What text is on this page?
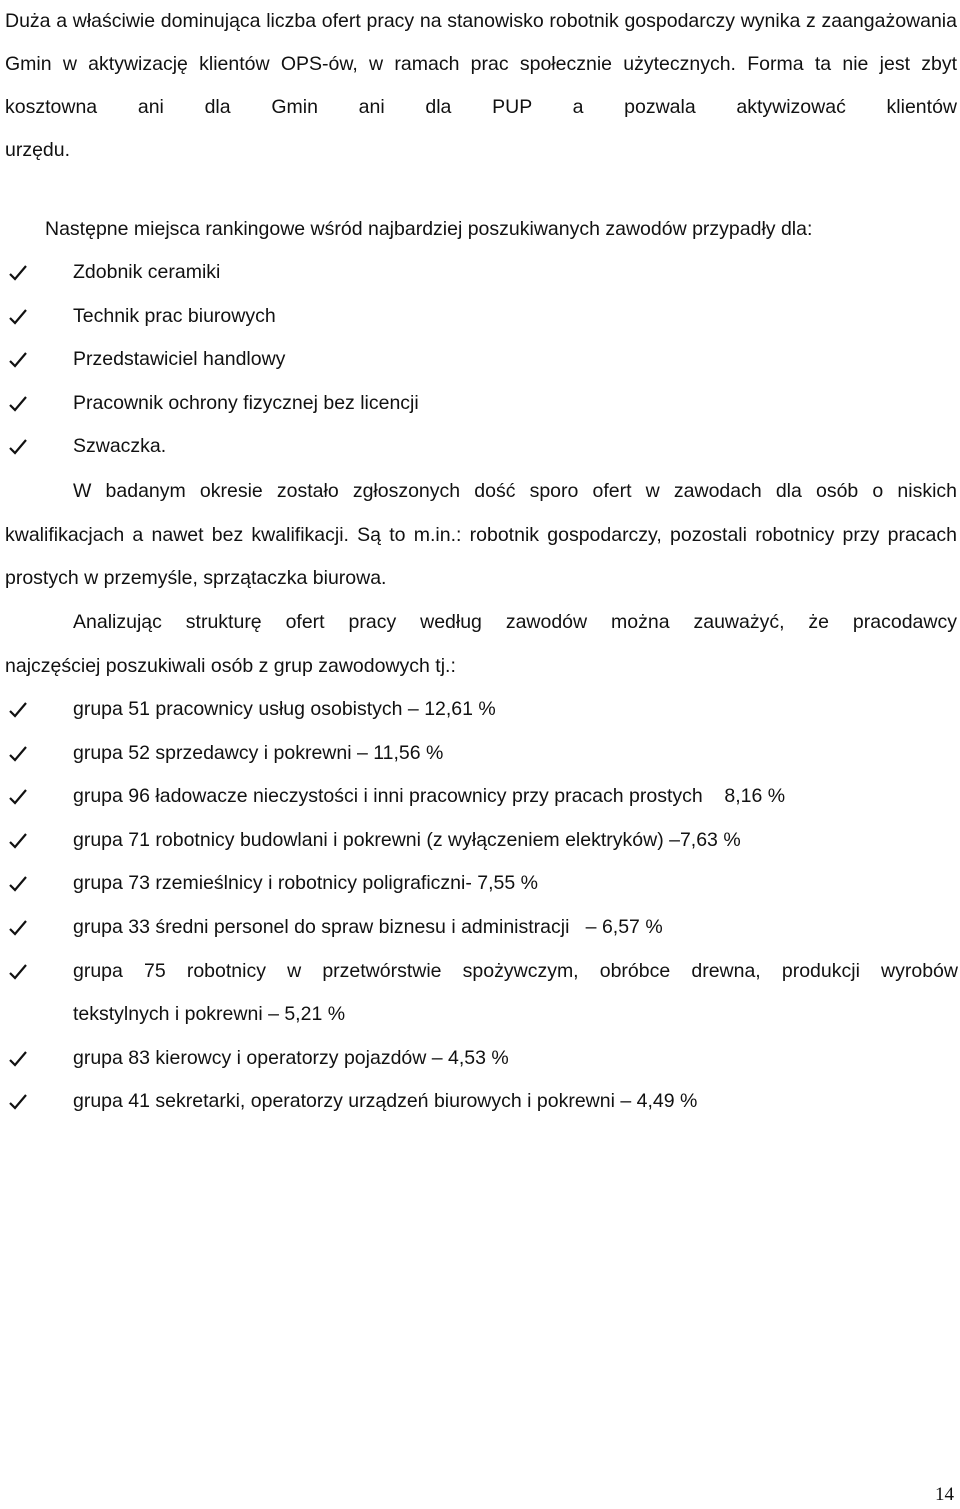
Duża a właściwie dominująca liczba ofert pracy na stanowisko robotnik gospodarczy wynika z zaangażowania Gmin w aktywizację klientów OPS-ów, w ramach prac społecznie użytecznych. Forma ta nie jest zbyt kosztowna ani dla Gmin ani dla PUP a pozwala aktywizować klientów
urzędu.

Następne miejsca rankingowe wśród najbardziej poszukiwanych zawodów przypadły dla:

Zdobnik ceramiki
Technik prac biurowych
Przedstawiciel handlowy
Pracownik ochrony fizycznej bez licencji
Szwaczka.

W badanym okresie zostało zgłoszonych dość sporo ofert w zawodach dla osób o niskich
kwalifikacjach a nawet bez kwalifikacji. Są to m.in.: robotnik gospodarczy, pozostali robotnicy przy pracach prostych w przemyśle, sprzątaczka biurowa.

Analizując strukturę ofert pracy według zawodów można zauważyć, że pracodawcy
najczęściej poszukiwali osób z grup zawodowych tj.:

grupa 51 pracownicy usług osobistych – 12,61 %
grupa 52 sprzedawcy i pokrewni – 11,56 %
grupa 96 ładowacze nieczystości i inni pracownicy przy pracach prostych    8,16 %
grupa 71 robotnicy budowlani i pokrewni (z wyłączeniem elektryków) –7,63 %
grupa 73 rzemieślnicy i robotnicy poligraficzni- 7,55 %
grupa 33 średni personel do spraw biznesu i administracji   – 6,57 %
grupa 75 robotnicy w przetwórstwie spożywczym, obróbce drewna, produkcji wyrobów
tekstylnych i pokrewni – 5,21 %
grupa 83 kierowcy i operatorzy pojazdów – 4,53 %
grupa 41 sekretarki, operatorzy urządzeń biurowych i pokrewni – 4,49 %
14
